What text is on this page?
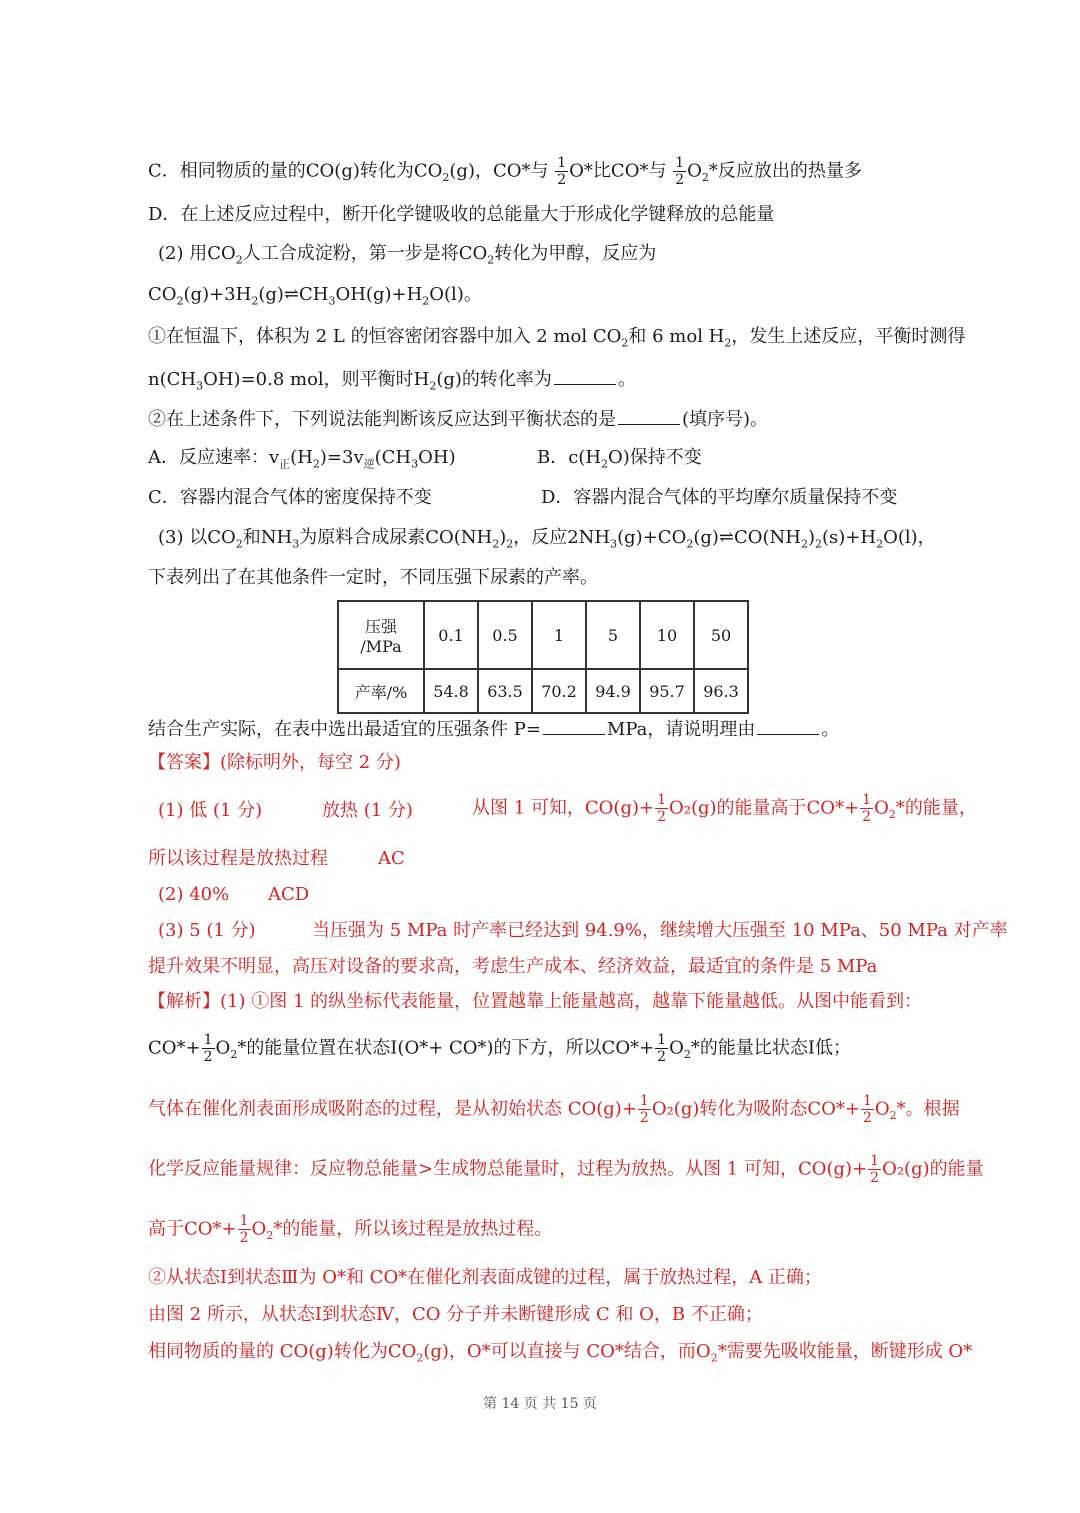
C．相同物质的量的CO(g)转化为$CO_2(g)$，CO*与 $\frac{1}{2} O*$比CO*与 $\frac{1}{2} O_2*$反应放出的热量多
D．在上述反应过程中，断开化学键吸收的总能量大于形成化学键释放的总能量
(2) 用$CO_2$人工合成淀粉，第一步是将$CO_2$转化为甲醇，反应为
$CO_2(g)+3H_2(g)\rightleftharpoons CH_3OH(g)+H_2O(l)$。
①在恒温下，体积为 2 L 的恒容密闭容器中加入 2 mol $CO_2$和 6 mol $H_2$，发生上述反应，平衡时测得
$n(CH_3OH)=0.8$ mol，则平衡时$H_2(g)$的转化率为	。
②在上述条件下，下列说法能判断该反应达到平衡状态的是	(填序号)。
A．反应速率：$v_正(H_2)=3v_逆(CH_3OH)$	B．$c(H_2O)$保持不变
C．容器内混合气体的密度保持不变	D．容器内混合气体的平均摩尔质量保持不变
(3) 以$CO_2$和$NH_3$为原料合成尿素$CO(NH_2)_2$，反应$2NH_3(g)+CO_2(g)\rightleftharpoons CO(NH_2)_2(s)+H_2O(l)$，
下表列出了在其他条件一定时，不同压强下尿素的产率。
压强
/MPa	0.1	0.5	1	5	10	50
产率/%	54.8	63.5	70.2	94.9	95.7	96.3
结合生产实际，在表中选出最适宜的压强条件 P=	MPa，请说明理由	。
【答案】(除标明外，每空 2 分)
(1) 低 (1 分)	放热 (1 分)	从图 1 可知，$CO(g)+ \frac{1}{2} O_2(g)$的能量高于$CO*+ \frac{1}{2} O_2*$的能量，
所以该过程是放热过程	AC
(2) 40% ACD
(3) 5 (1 分)	当压强为 5 MPa 时产率已经达到 94.9%，继续增大压强至 10 MPa、50 MPa 对产率
提升效果不明显，高压对设备的要求高，考虑生产成本、经济效益，最适宜的条件是 5 MPa
【解析】(1) ①图 1 的纵坐标代表能量，位置越靠上能量越高，越靠下能量越低。从图中能看到：
$CO*+ \frac{1}{2} O_2*$的能量位置在状态Ⅰ(O*+ CO*)的下方，所以$CO*+ \frac{1}{2} O_2*$的能量比状态Ⅰ低；
气体在催化剂表面形成吸附态的过程，是从初始状态 $CO(g)+ \frac{1}{2} O_2(g)$转化为吸附态$CO*+ \frac{1}{2} O_2*$。根据
化学反应能量规律：反应物总能量>生成物总能量时，过程为放热。从图 1 可知，$CO(g)+ \frac{1}{2} O_2(g)$的能量
高于$CO*+ \frac{1}{2} O_2*$的能量，所以该过程是放热过程。
②从状态Ⅰ到状态Ⅲ为 O*和 CO*在催化剂表面成键的过程，属于放热过程，A 正确；
由图 2 所示，从状态Ⅰ到状态Ⅳ，CO 分子并未断键形成 C 和 O，B 不正确；
相同物质的量的 CO(g)转化为$CO_2(g)$，O*可以直接与 CO*结合，而$O_2*$需要先吸收能量，断键形成 O*
第 14 页 共 15 页
